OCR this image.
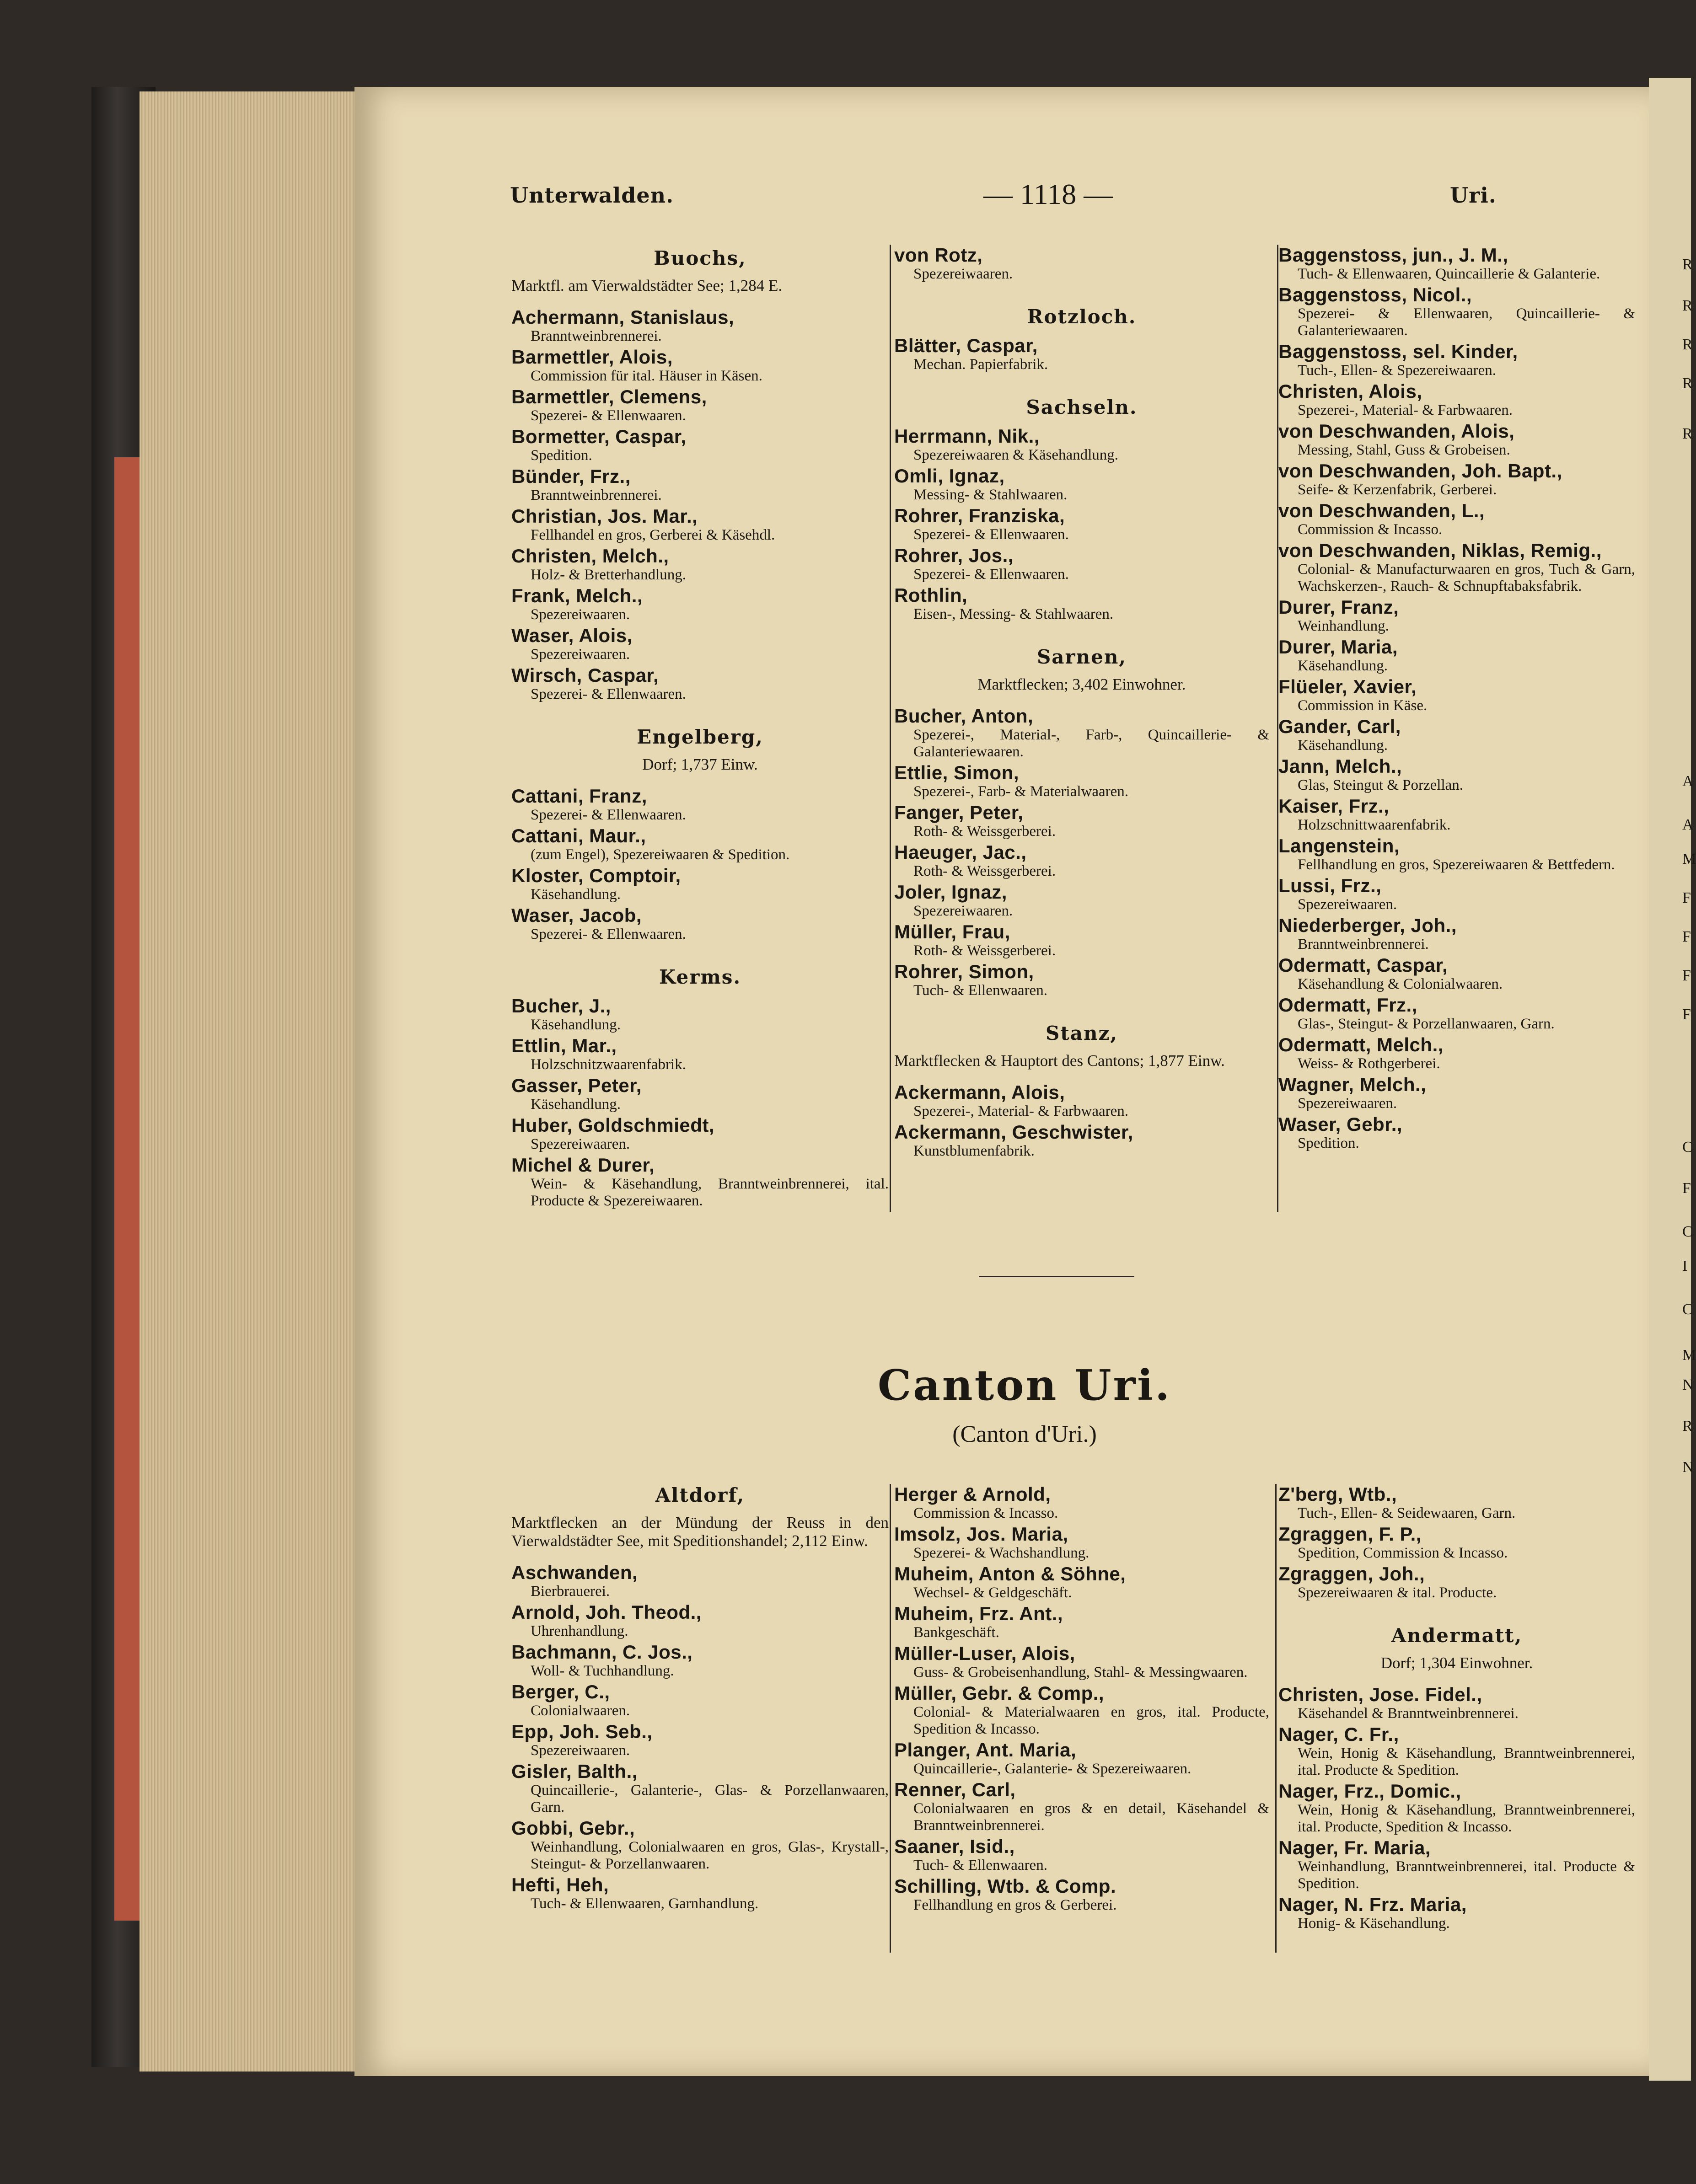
Unterwalden.	— 1118 —	Uri.
Buochs,
Marktfl. am Vierwaldstädter See; 1,284 E.
Achermann, Stanislaus,
Branntweinbrennerei.
Barmettler, Alois,
Commission für ital. Häuser in Käsen.
Barmettler, Clemens,
Spezerei- & Ellenwaaren.
Bormetter, Caspar,
Spedition.
Bünder, Frz.,
Branntweinbrennerei.
Christian, Jos. Mar.,
Fellhandel en gros, Gerberei & Käsehdl.
Christen, Melch.,
Holz- & Bretterhandlung.
Frank, Melch.,
Spezereiwaaren.
Waser, Alois,
Spezereiwaaren.
Wirsch, Caspar,
Spezerei- & Ellenwaaren.
Engelberg,
Dorf; 1,737 Einw.
Cattani, Franz,
Spezerei- & Ellenwaaren.
Cattani, Maur.,
(zum Engel), Spezereiwaaren & Spedition.
Kloster, Comptoir,
Käsehandlung.
Waser, Jacob,
Spezerei- & Ellenwaaren.
Kerms.
Bucher, J.,
Käsehandlung.
Ettlin, Mar.,
Holzschnitzwaarenfabrik.
Gasser, Peter,
Käsehandlung.
Huber, Goldschmiedt,
Spezereiwaaren.
Michel & Durer,
Wein- & Käsehandlung, Branntweinbrennerei, ital. Producte & Spezereiwaaren.
von Rotz,
Spezereiwaaren.
Rotzloch.
Blätter, Caspar,
Mechan. Papierfabrik.
Sachseln.
Herrmann, Nik.,
Spezereiwaaren & Käsehandlung.
Omli, Ignaz,
Messing- & Stahlwaaren.
Rohrer, Franziska,
Spezerei- & Ellenwaaren.
Rohrer, Jos.,
Spezerei- & Ellenwaaren.
Rothlin,
Eisen-, Messing- & Stahlwaaren.
Sarnen,
Marktflecken; 3,402 Einwohner.
Bucher, Anton,
Spezerei-, Material-, Farb-, Quincaillerie- & Galanteriewaaren.
Ettlie, Simon,
Spezerei-, Farb- & Materialwaaren.
Fanger, Peter,
Roth- & Weissgerberei.
Haeuger, Jac.,
Roth- & Weissgerberei.
Joler, Ignaz,
Spezereiwaaren.
Müller, Frau,
Roth- & Weissgerberei.
Rohrer, Simon,
Tuch- & Ellenwaaren.
Stanz,
Marktflecken & Hauptort des Cantons; 1,877 Einw.
Ackermann, Alois,
Spezerei-, Material- & Farbwaaren.
Ackermann, Geschwister,
Kunstblumenfabrik.
Baggenstoss, jun., J. M.,
Tuch- & Ellenwaaren, Quincaillerie & Galanterie.
Baggenstoss, Nicol.,
Spezerei- & Ellenwaaren, Quincaillerie- & Galanteriewaaren.
Baggenstoss, sel. Kinder,
Tuch-, Ellen- & Spezereiwaaren.
Christen, Alois,
Spezerei-, Material- & Farbwaaren.
von Deschwanden, Alois,
Messing, Stahl, Guss & Grobeisen.
von Deschwanden, Joh. Bapt.,
Seife- & Kerzenfabrik, Gerberei.
von Deschwanden, L.,
Commission & Incasso.
von Deschwanden, Niklas, Remig.,
Colonial- & Manufacturwaaren en gros, Tuch & Garn, Wachskerzen-, Rauch- & Schnupftabaksfabrik.
Durer, Franz,
Weinhandlung.
Durer, Maria,
Käsehandlung.
Flüeler, Xavier,
Commission in Käse.
Gander, Carl,
Käsehandlung.
Jann, Melch.,
Glas, Steingut & Porzellan.
Kaiser, Frz.,
Holzschnittwaarenfabrik.
Langenstein,
Fellhandlung en gros, Spezereiwaaren & Bettfedern.
Lussi, Frz.,
Spezereiwaaren.
Niederberger, Joh.,
Branntweinbrennerei.
Odermatt, Caspar,
Käsehandlung & Colonialwaaren.
Odermatt, Frz.,
Glas-, Steingut- & Porzellanwaaren, Garn.
Odermatt, Melch.,
Weiss- & Rothgerberei.
Wagner, Melch.,
Spezereiwaaren.
Waser, Gebr.,
Spedition.
Canton Uri.
(Canton d'Uri.)
Altdorf,
Marktflecken an der Mündung der Reuss in den Vierwaldstädter See, mit Speditionshandel; 2,112 Einw.
Aschwanden,
Bierbrauerei.
Arnold, Joh. Theod.,
Uhrenhandlung.
Bachmann, C. Jos.,
Woll- & Tuchhandlung.
Berger, C.,
Colonialwaaren.
Epp, Joh. Seb.,
Spezereiwaaren.
Gisler, Balth.,
Quincaillerie-, Galanterie-, Glas- & Porzellanwaaren, Garn.
Gobbi, Gebr.,
Weinhandlung, Colonialwaaren en gros, Glas-, Krystall-, Steingut- & Porzellanwaaren.
Hefti, Heh,
Tuch- & Ellenwaaren, Garnhandlung.
Herger & Arnold,
Commission & Incasso.
Imsolz, Jos. Maria,
Spezerei- & Wachshandlung.
Muheim, Anton & Söhne,
Wechsel- & Geldgeschäft.
Muheim, Frz. Ant.,
Bankgeschäft.
Müller-Luser, Alois,
Guss- & Grobeisenhandlung, Stahl- & Messingwaaren.
Müller, Gebr. & Comp.,
Colonial- & Materialwaaren en gros, ital. Producte, Spedition & Incasso.
Planger, Ant. Maria,
Quincaillerie-, Galanterie- & Spezereiwaaren.
Renner, Carl,
Colonialwaaren en gros & en detail, Käsehandel & Branntweinbrennerei.
Saaner, Isid.,
Tuch- & Ellenwaaren.
Schilling, Wtb. & Comp.
Fellhandlung en gros & Gerberei.
Z'berg, Wtb.,
Tuch-, Ellen- & Seidewaaren, Garn.
Zgraggen, F. P.,
Spedition, Commission & Incasso.
Zgraggen, Joh.,
Spezereiwaaren & ital. Producte.
Andermatt,
Dorf; 1,304 Einwohner.
Christen, Jose. Fidel.,
Käsehandel & Branntweinbrennerei.
Nager, C. Fr.,
Wein, Honig & Käsehandlung, Branntweinbrennerei, ital. Producte & Spedition.
Nager, Frz., Domic.,
Wein, Honig & Käsehandlung, Branntweinbrennerei, ital. Producte, Spedition & Incasso.
Nager, Fr. Maria,
Weinhandlung, Branntweinbrennerei, ital. Producte & Spedition.
Nager, N. Frz. Maria,
Honig- & Käsehandlung.
R
R
R
R
R
A
A
M
F
F
F
F
C
F
C
I
C
M
N
R
N
